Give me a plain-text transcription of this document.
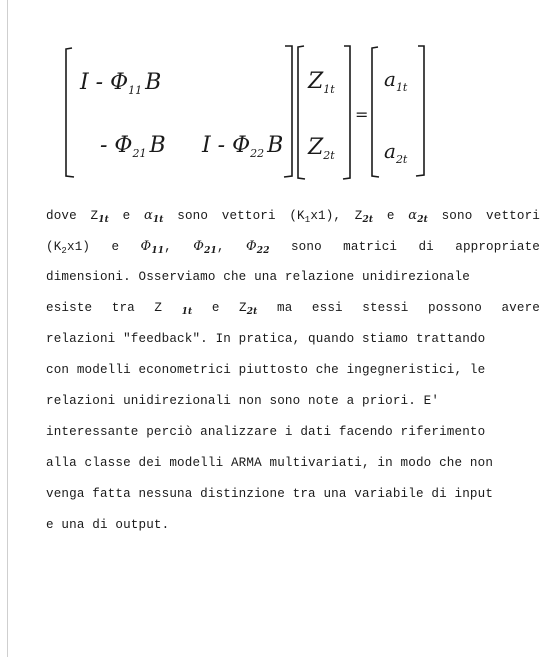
I - $\Phi_{11}$ B
- $\Phi_{21}$ B I - $\Phi_{22}$ B
$Z_{1t}$
$Z_{2t}$
=
$a_{1t}$
$a_{2t}$
dove $Z_{1t}$ e $\alpha_{1t}$ sono vettori $(K_1x1)$, $Z_{2t}$ e $\alpha_{2t}$ sono vettori
$(K_2x1)$ e $\Phi_{11}$, $\Phi_{21}$, $\Phi_{22}$ sono matrici di appropriate
dimensioni. Osserviamo che una relazione unidirezionale
esiste tra Z $_{1t}$ e $Z_{2t}$ ma essi stessi possono avere
relazioni "feedback". In pratica, quando stiamo trattando
con modelli econometrici piuttosto che ingegneristici, le
relazioni unidirezionali non sono note a priori. E'
interessante perciò analizzare i dati facendo riferimento
alla classe dei modelli ARMA multivariati, in modo che non
venga fatta nessuna distinzione tra una variabile di input
e una di output.
